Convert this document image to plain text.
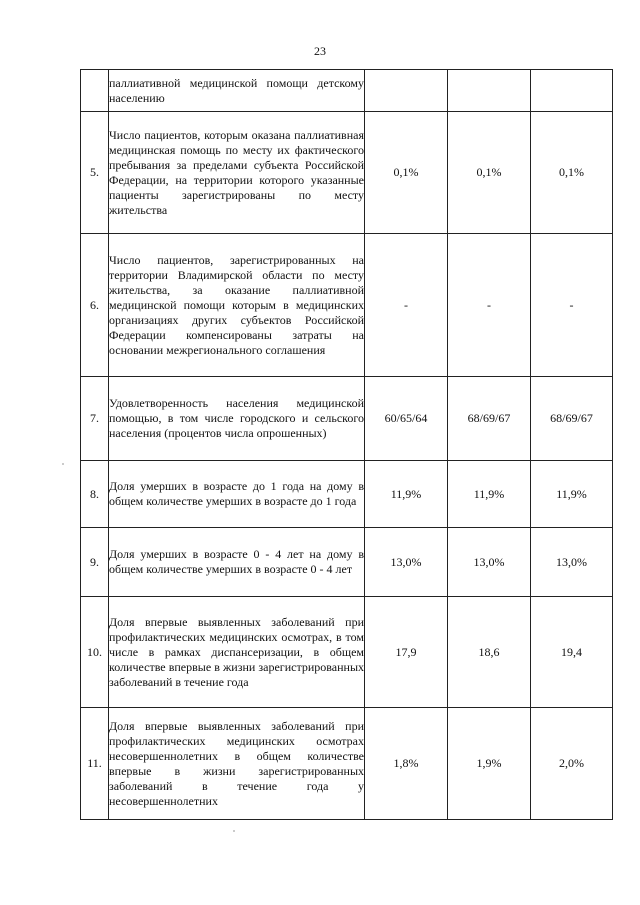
23
	паллиативной медицинской помощи детскому населению			
5.	Число пациентов, которым оказана паллиативная медицинская помощь по месту их фактического пребывания за пределами субъекта Российской Федерации, на территории которого указанные пациенты зарегистрированы по месту жительства	0,1%	0,1%	0,1%
6.	Число пациентов, зарегистрированных на территории Владимирской области по месту жительства, за оказание паллиативной медицинской помощи которым в медицинских организациях других субъектов Российской Федерации компенсированы затраты на основании межрегионального соглашения	-	-	-
7.	Удовлетворенность населения медицинской помощью, в том числе городского и сельского населения (процентов числа опрошенных)	60/65/64	68/69/67	68/69/67
8.	Доля умерших в возрасте до 1 года на дому в общем количестве умерших в возрасте до 1 года	11,9%	11,9%	11,9%
9.	Доля умерших в возрасте 0 - 4 лет на дому в общем количестве умерших в возрасте 0 - 4 лет	13,0%	13,0%	13,0%
10.	Доля впервые выявленных заболеваний при профилактических медицинских осмотрах, в том числе в рамках диспансеризации, в общем количестве впервые в жизни зарегистрированных заболеваний в течение года	17,9	18,6	19,4
11.	Доля впервые выявленных заболеваний при профилактических медицинских осмотрах несовершеннолетних в общем количестве впервые в жизни зарегистрированных заболеваний в течение года у несовершеннолетних	1,8%	1,9%	2,0%
